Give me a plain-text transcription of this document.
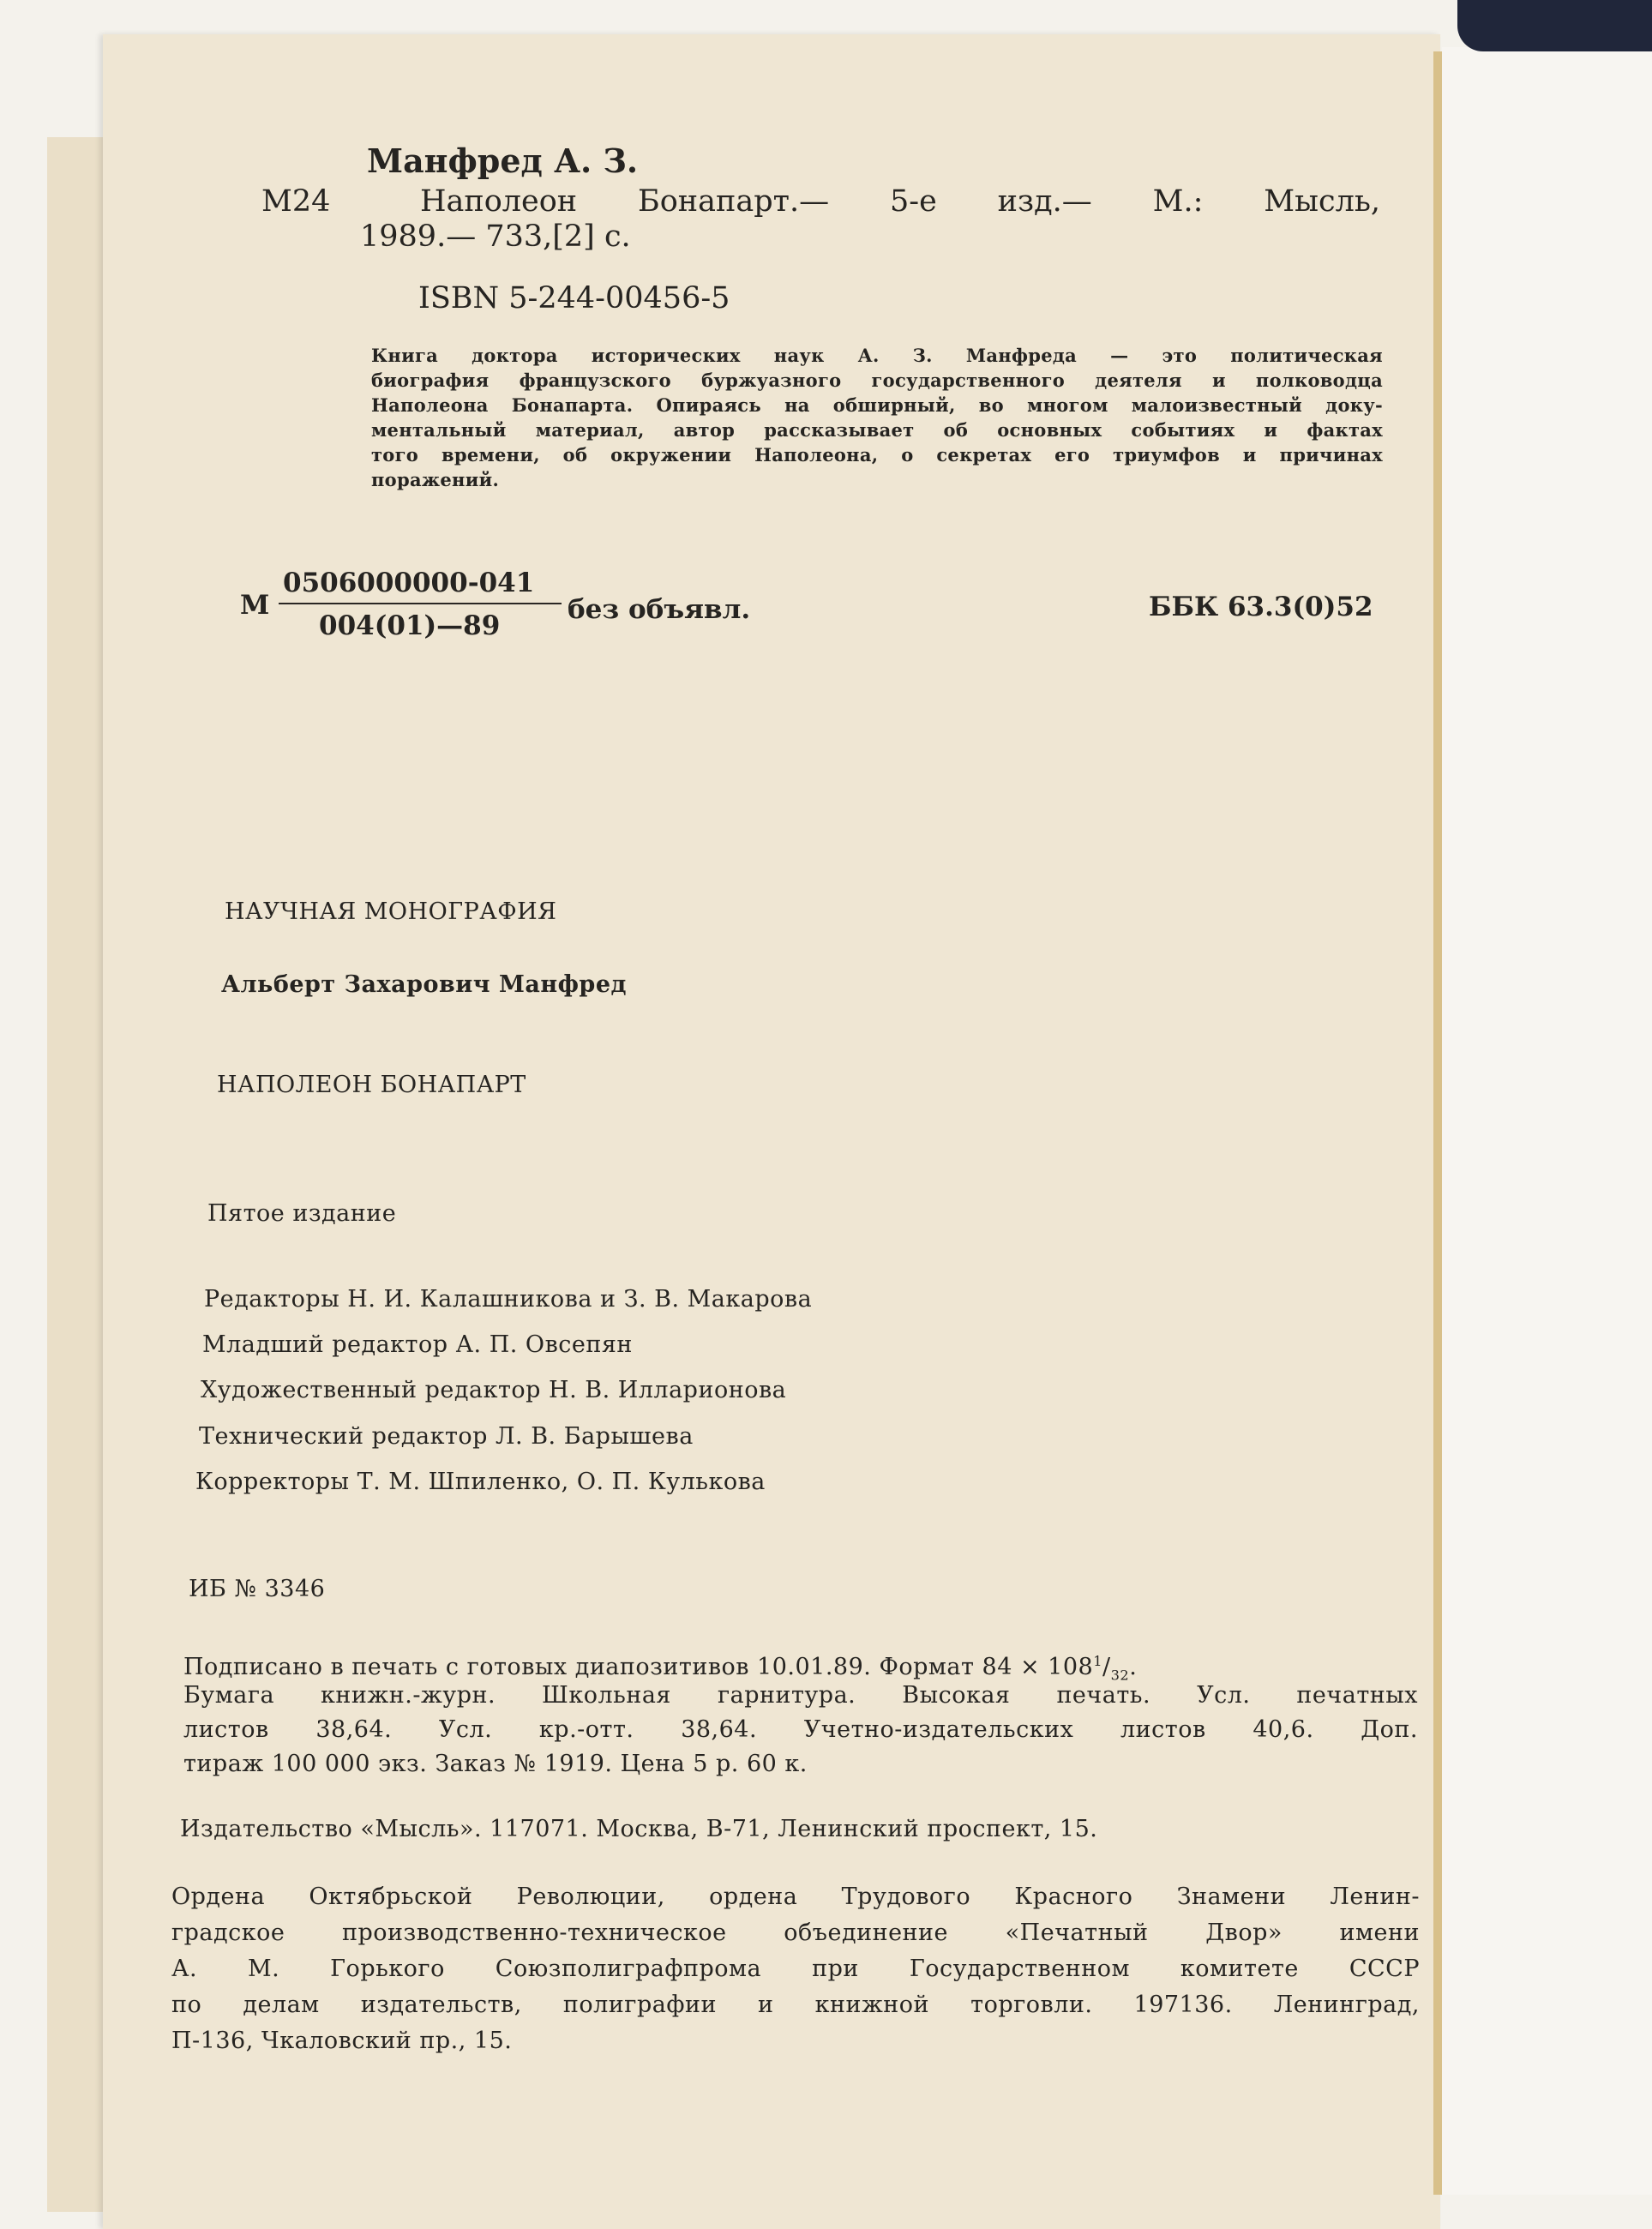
Манфред А. З.
М24	Наполеон Бонапарт.— 5-е изд.— М.: Мысль,
1989.— 733,[2] с.
ISBN 5-244-00456-5
Книга доктора исторических наук А. З. Манфреда — это политическая
биография французского буржуазного государственного деятеля и полководца
Наполеона Бонапарта. Опираясь на обширный, во многом малоизвестный доку-
ментальный материал, автор рассказывает об основных событиях и фактах
того времени, об окружении Наполеона, о секретах его триумфов и причинах
поражений.
М
0506000000-041
004(01)—89
без объявл.	ББК 63.3(0)52
НАУЧНАЯ МОНОГРАФИЯ
Альберт Захарович Манфред
НАПОЛЕОН БОНАПАРТ
Пятое издание
Редакторы Н. И. Калашникова и З. В. Макарова
Младший редактор А. П. Овсепян
Художественный редактор Н. В. Илларионова
Технический редактор Л. В. Барышева
Корректоры Т. М. Шпиленко, О. П. Кулькова
ИБ № 3346
Подписано в печать с готовых диапозитивов 10.01.89. Формат $84 \times 108^1/_{32}$.
Бумага книжн.-журн. Школьная гарнитура. Высокая печать. Усл. печатных
листов 38,64. Усл. кр.-отт. 38,64. Учетно-издательских листов 40,6. Доп.
тираж 100 000 экз. Заказ № 1919. Цена 5 р. 60 к.
Издательство «Мысль». 117071. Москва, В-71, Ленинский проспект, 15.
Ордена Октябрьской Революции, ордена Трудового Красного Знамени Ленин-
градское производственно-техническое объединение «Печатный Двор» имени
А. М. Горького Союзполиграфпрома при Государственном комитете СССР
по делам издательств, полиграфии и книжной торговли. 197136. Ленинград,
П-136, Чкаловский пр., 15.
